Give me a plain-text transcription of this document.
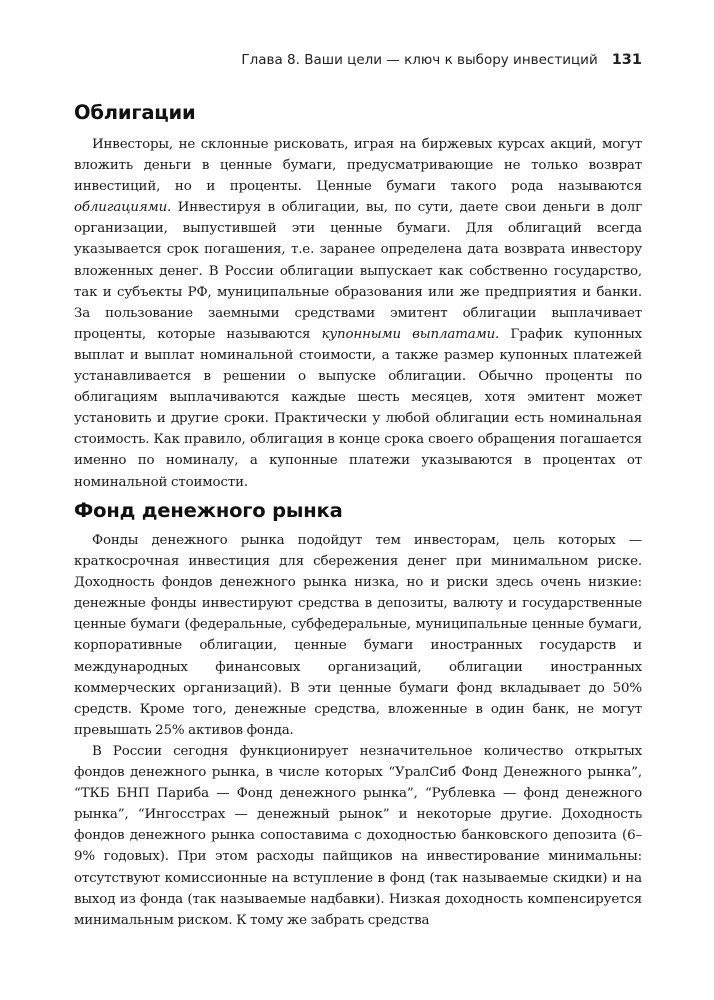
Глава 8. Ваши цели — ключ к выбору инвестиций 131
Облигации

Инвесторы, не склонные рисковать, играя на биржевых курсах акций, могут вложить деньги в ценные бумаги, предусматривающие не только возврат инвестиций, но и проценты. Ценные бумаги такого рода называются облигациями. Инвестируя в облигации, вы, по сути, даете свои деньги в долг организации, выпустившей эти ценные бумаги. Для облигаций всегда указывается срок погашения, т.е. заранее определена дата возврата инвестору вложенных денег. В России облигации выпускает как собственно государство, так и субъекты РФ, муниципальные образования или же предприятия и банки. За пользование заемными средствами эмитент облигации выплачивает проценты, которые называются купонными выплатами. График купонных выплат и выплат номинальной стоимости, а также размер купонных платежей устанавливается в решении о выпуске облигации. Обычно проценты по облигациям выплачиваются каждые шесть месяцев, хотя эмитент может установить и другие сроки. Практически у любой облигации есть номинальная стоимость. Как правило, облигация в конце срока своего обращения погашается именно по номиналу, а купонные платежи указываются в процентах от номинальной стоимости.

Фонд денежного рынка

Фонды денежного рынка подойдут тем инвесторам, цель которых — краткосрочная инвестиция для сбережения денег при минимальном риске. Доходность фондов денежного рынка низка, но и риски здесь очень низкие: денежные фонды инвестируют средства в депозиты, валюту и государственные ценные бумаги (федеральные, субфедеральные, муниципальные ценные бумаги, корпоративные облигации, ценные бумаги иностранных государств и международных финансовых организаций, облигации иностранных коммерческих организаций). В эти ценные бумаги фонд вкладывает до 50% средств. Кроме того, денежные средства, вложенные в один банк, не могут превышать 25% активов фонда.

В России сегодня функционирует незначительное количество открытых фондов денежного рынка, в числе которых “УралСиб Фонд Денежного рынка”, “ТКБ БНП Париба — Фонд денежного рынка”, “Рублевка — фонд денежного рынка”, “Ингосстрах — денежный рынок” и некоторые другие. Доходность фондов денежного рынка сопоставима с доходностью банковского депозита (6–9% годовых). При этом расходы пайщиков на инвестирование минимальны: отсутствуют комиссионные на вступление в фонд (так называемые скидки) и на выход из фонда (так называемые надбавки). Низкая доходность компенсируется минимальным риском. К тому же забрать средства
